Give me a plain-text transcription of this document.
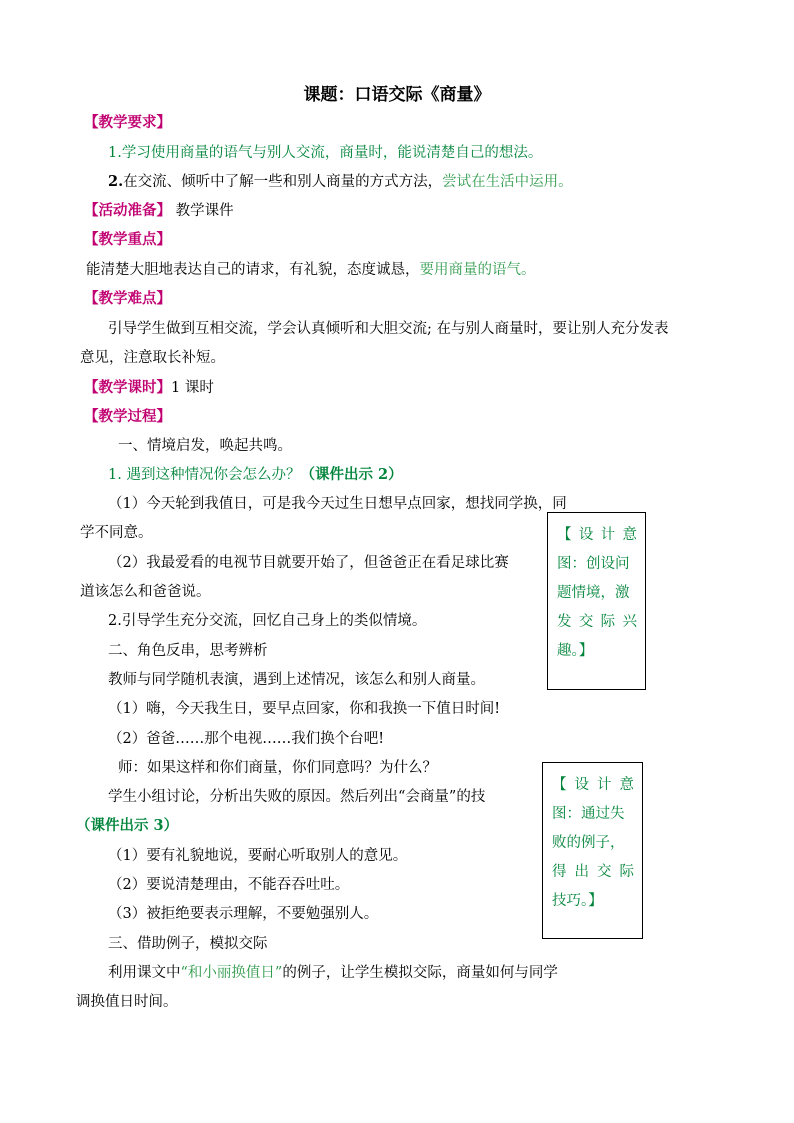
课题：口语交际《商量》
【教学要求】
1.学习使用商量的语气与别人交流，商量时，能说清楚自己的想法。
2.在交流、倾听中了解一些和别人商量的方式方法，尝试在生活中运用。
【活动准备】 教学课件
【教学重点】
能清楚大胆地表达自己的请求，有礼貌，态度诚恳，要用商量的语气。
【教学难点】
引导学生做到互相交流，学会认真倾听和大胆交流; 在与别人商量时，要让别人充分发表
意见，注意取长补短。
【教学课时】1 课时
【教学过程】
一、情境启发，唤起共鸣。
1. 遇到这种情况你会怎么办？（课件出示 2）
（1）今天轮到我值日，可是我今天过生日想早点回家，想找同学换，同
学不同意。
（2）我最爱看的电视节目就要开始了，但爸爸正在看足球比赛
道该怎么和爸爸说。
2.引导学生充分交流，回忆自己身上的类似情境。
二、角色反串，思考辨析
教师与同学随机表演，遇到上述情况，该怎么和别人商量。
（1）嗨，今天我生日，要早点回家，你和我换一下值日时间!
（2）爸爸……那个电视……我们换个台吧!
师：如果这样和你们商量，你们同意吗？为什么？
学生小组讨论，分析出失败的原因。然后列出“会商量”的技
（课件出示 3）
（1）要有礼貌地说，要耐心听取别人的意见。
（2）要说清楚理由，不能吞吞吐吐。
（3）被拒绝要表示理解，不要勉强别人。
三、借助例子，模拟交际
利用课文中“和小丽换值日”的例子，让学生模拟交际，商量如何与同学
调换值日时间。
【设计意
图：创设问
题情境，激
发交际兴
趣。】
【设计意
图：通过失
败的例子，
得出交际
技巧。】
